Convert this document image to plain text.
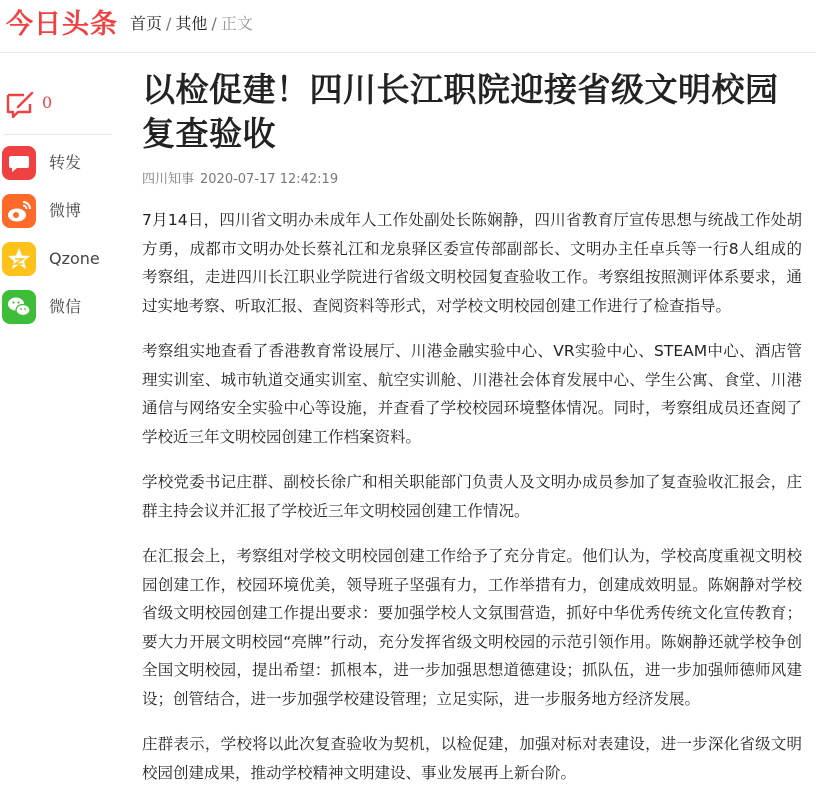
今日头条 首页 / 其他 / 正文
0
转发
微博
Qzone
微信
以检促建！四川长江职院迎接省级文明校园复查验收
四川知事 2020-07-17 12:42:19

7月14日，四川省文明办未成年人工作处副处长陈娴静，四川省教育厅宣传思想与统战工作处胡方勇，成都市文明办处长蔡礼江和龙泉驿区委宣传部副部长、文明办主任卓兵等一行8人组成的考察组，走进四川长江职业学院进行省级文明校园复查验收工作。考察组按照测评体系要求，通过实地考察、听取汇报、查阅资料等形式，对学校文明校园创建工作进行了检查指导。

考察组实地查看了香港教育常设展厅、川港金融实验中心、VR实验中心、STEAM中心、酒店管理实训室、城市轨道交通实训室、航空实训舱、川港社会体育发展中心、学生公寓、食堂、川港通信与网络安全实验中心等设施，并查看了学校校园环境整体情况。同时，考察组成员还查阅了学校近三年文明校园创建工作档案资料。

学校党委书记庄群、副校长徐广和相关职能部门负责人及文明办成员参加了复查验收汇报会，庄群主持会议并汇报了学校近三年文明校园创建工作情况。

在汇报会上，考察组对学校文明校园创建工作给予了充分肯定。他们认为，学校高度重视文明校园创建工作，校园环境优美，领导班子坚强有力，工作举措有力，创建成效明显。陈娴静对学校省级文明校园创建工作提出要求：要加强学校人文氛围营造，抓好中华优秀传统文化宣传教育；要大力开展文明校园“亮牌”行动，充分发挥省级文明校园的示范引领作用。陈娴静还就学校争创全国文明校园，提出希望：抓根本，进一步加强思想道德建设；抓队伍，进一步加强师德师风建设；创管结合，进一步加强学校建设管理；立足实际，进一步服务地方经济发展。

庄群表示，学校将以此次复查验收为契机，以检促建，加强对标对表建设，进一步深化省级文明校园创建成果，推动学校精神文明建设、事业发展再上新台阶。
